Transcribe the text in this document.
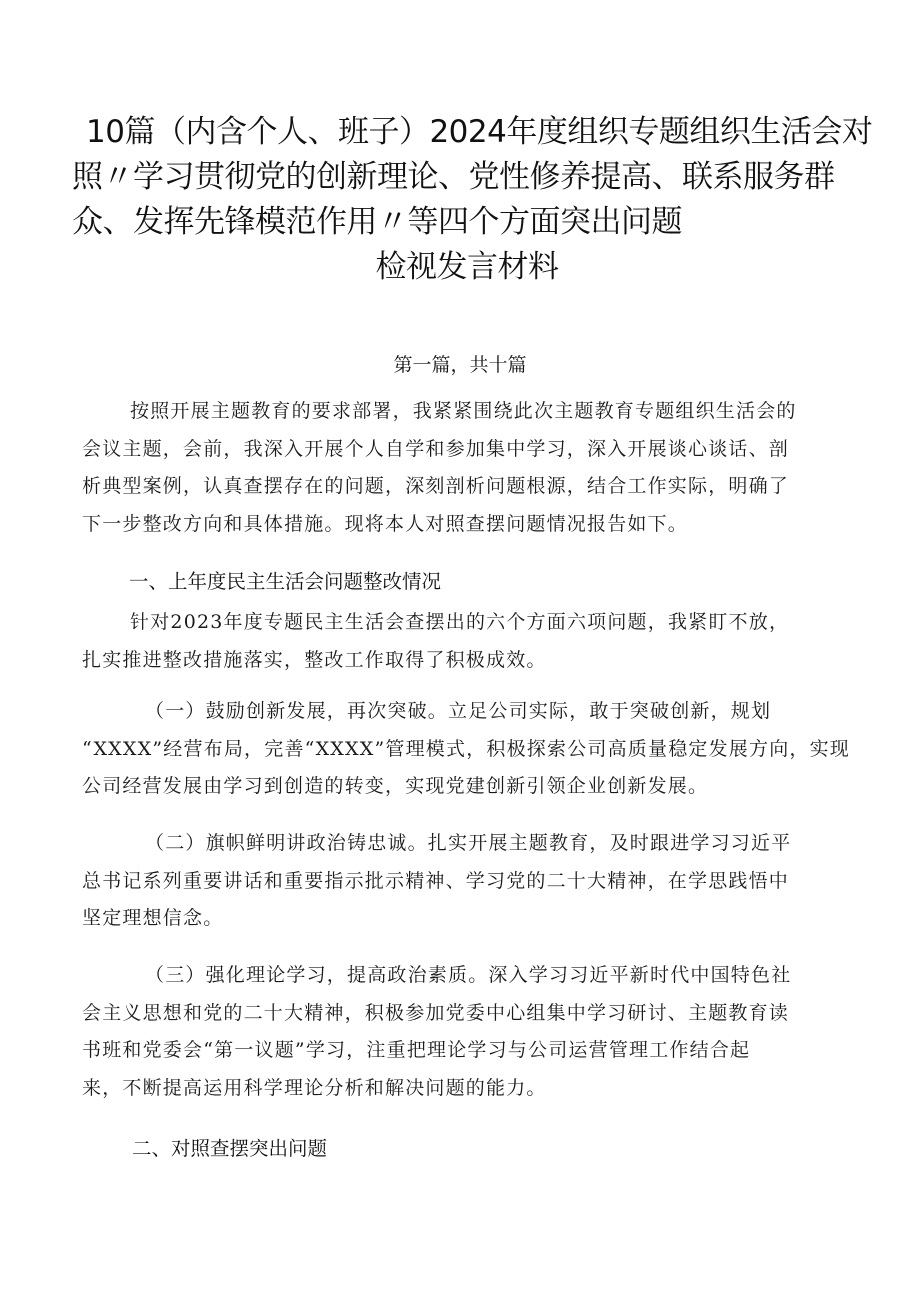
10篇（内含个人、班子）2024年度组织专题组织生活会对
照〃学习贯彻党的创新理论、党性修养提高、联系服务群
众、发挥先锋模范作用〃等四个方面突出问题
检视发言材料
第一篇，共十篇
按照开展主题教育的要求部署，我紧紧围绕此次主题教育专题组织生活会的
会议主题，会前，我深入开展个人自学和参加集中学习，深入开展谈心谈话、剖
析典型案例，认真查摆存在的问题，深刻剖析问题根源，结合工作实际，明确了
下一步整改方向和具体措施。现将本人对照查摆问题情况报告如下。
一、上年度民主生活会问题整改情况
针对2023年度专题民主生活会查摆出的六个方面六项问题，我紧盯不放，
扎实推进整改措施落实，整改工作取得了积极成效。
（一）鼓励创新发展，再次突破。立足公司实际，敢于突破创新，规划
“XXXX”经营布局，完善“XXXX”管理模式，积极探索公司高质量稳定发展方向，实现
公司经营发展由学习到创造的转变，实现党建创新引领企业创新发展。
（二）旗帜鲜明讲政治铸忠诚。扎实开展主题教育，及时跟进学习习近平
总书记系列重要讲话和重要指示批示精神、学习党的二十大精神，在学思践悟中
坚定理想信念。
（三）强化理论学习，提高政治素质。深入学习习近平新时代中国特色社
会主义思想和党的二十大精神，积极参加党委中心组集中学习研讨、主题教育读
书班和党委会“第一议题”学习，注重把理论学习与公司运营管理工作结合起
来，不断提高运用科学理论分析和解决问题的能力。
二、对照查摆突出问题
